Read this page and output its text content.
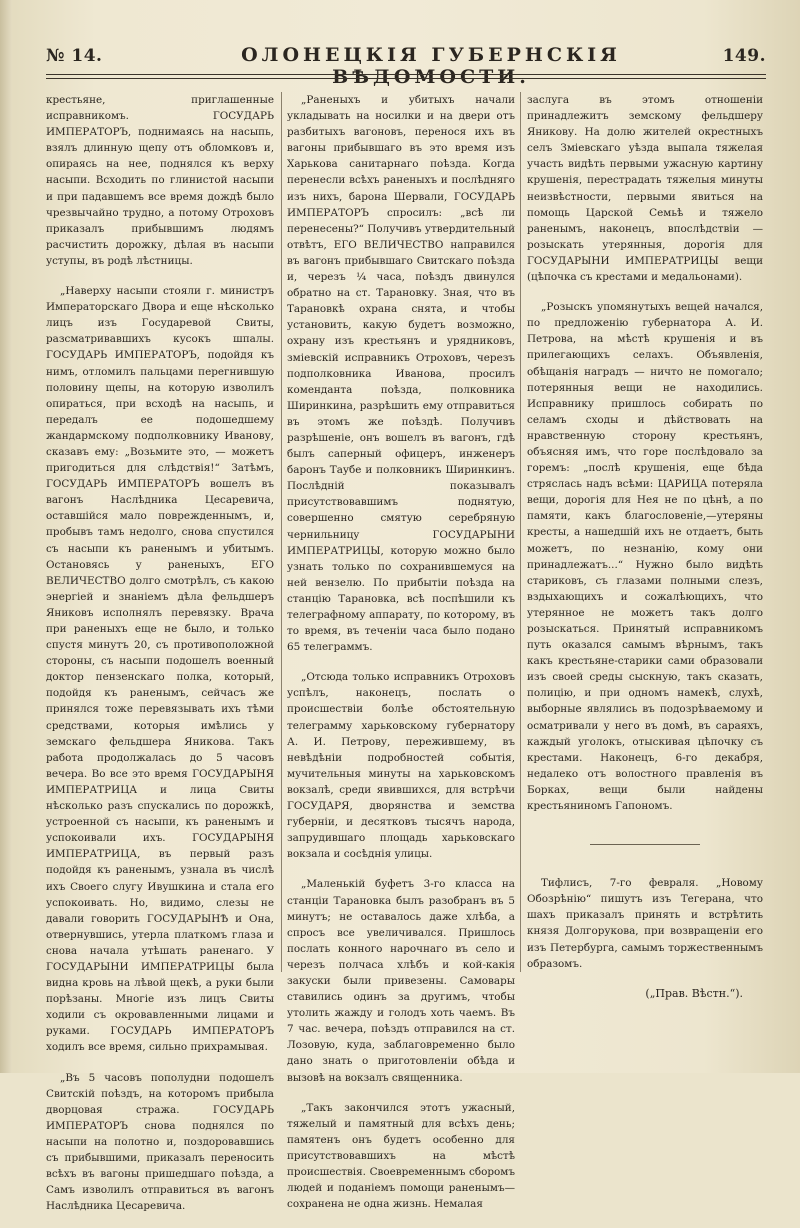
№ 14.	ОЛОНЕЦКІЯ ГУБЕРНСКІЯ ВѢДОМОСТИ.
149.

крестьяне, приглашенные исправникомъ. ГОСУДАРЬ ИМПЕРАТОРЪ, поднимаясь на насыпь, взялъ длинную щепу отъ обломковъ и, опираясь на нее, поднялся къ верху насыпи. Всходить по глинистой насыпи и при падавшемъ все время дождѣ было чрезвычайно трудно, а потому Отроховъ приказалъ прибывшимъ людямъ расчистить дорожку, дѣлая въ насыпи уступы, въ родѣ лѣстницы.

„Наверху насыпи стояли г. министръ Императорскаго Двора и еще нѣсколько лицъ изъ Государевой Свиты, разсматривавшихъ кусокъ шпалы. ГОСУДАРЬ ИМПЕРАТОРЪ, подойдя къ нимъ, отломилъ пальцами перегнившую половину щепы, на которую изволилъ опираться, при всходѣ на насыпь, и передалъ ее подошедшему жандармскому подполковнику Иванову, сказавъ ему: „Возьмите это, — можетъ пригодиться для слѣдствія!“ Затѣмъ, ГОСУДАРЬ ИМПЕРАТОРЪ вошелъ въ вагонъ Наслѣдника Цесаревича, оставшійся мало поврежденнымъ, и, пробывъ тамъ недолго, снова спустился съ насыпи къ раненымъ и убитымъ. Остановясь у раненыхъ, ЕГО ВЕЛИЧЕСТВО долго смотрѣлъ, съ какою энергіей и знаніемъ дѣла фельдшеръ Яниковъ исполнялъ перевязку. Врача при раненыхъ еще не было, и только спустя минутъ 20, съ противоположной стороны, съ насыпи подошелъ военный доктор пензенскаго полка, который, подойдя къ раненымъ, сейчасъ же принялся тоже перевязывать ихъ тѣми средствами, которыя имѣлись у земскаго фельдшера Яникова. Такъ работа продолжалась до 5 часовъ вечера. Во все это время ГОСУДАРЫНЯ ИМПЕРАТРИЦА и лица Свиты нѣсколько разъ спускались по дорожкѣ, устроенной съ насыпи, къ раненымъ и успокоивали ихъ. ГОСУДАРЫНЯ ИМПЕРАТРИЦА, въ первый разъ подойдя къ раненымъ, узнала въ числѣ ихъ Своего слугу Ивушкина и стала его успокоивать. Но, видимо, слезы не давали говорить ГОСУДАРЫНѢ и Она, отвернувшись, утерла платкомъ глаза и снова начала утѣшать раненаго. У ГОСУДАРЫНИ ИМПЕРАТРИЦЫ была видна кровь на лѣвой щекѣ, а руки были порѣзаны. Многіе изъ лицъ Свиты ходили съ окровавленными лицами и руками. ГОСУДАРЬ ИМПЕРАТОРЪ ходилъ все время, сильно прихрамывая.

„Въ 5 часовъ пополудни подошелъ Свитскій поѣздъ, на которомъ прибыла дворцовая стража. ГОСУДАРЬ ИМПЕРАТОРЪ снова поднялся по насыпи на полотно и, поздоровавшись съ прибывшими, приказалъ переносить всѣхъ въ вагоны пришедшаго поѣзда, а Самъ изволилъ отправиться въ вагонъ Наслѣдника Цесаревича.

„Раненыхъ и убитыхъ начали укладывать на носилки и на двери отъ разбитыхъ вагоновъ, перенося ихъ въ вагоны прибывшаго въ это время изъ Харькова санитарнаго поѣзда. Когда перенесли всѣхъ раненыхъ и послѣдняго изъ нихъ, барона Шервали, ГОСУДАРЬ ИМПЕРАТОРЪ спросилъ: „всѣ ли перенесены?“ Получивъ утвердительный отвѣтъ, ЕГО ВЕЛИЧЕСТВО направился въ вагонъ прибывшаго Свитскаго поѣзда и, черезъ ¼ часа, поѣздъ двинулся обратно на ст. Тарановку. Зная, что въ Тарановкѣ охрана снята, и чтобы установить, какую будетъ возможно, охрану изъ крестьянъ и урядниковъ, зміевскій исправникъ Отроховъ, черезъ подполковника Иванова, просилъ коменданта поѣзда, полковника Ширинкина, разрѣшить ему отправиться въ этомъ же поѣздѣ. Получивъ разрѣшеніе, онъ вошелъ въ вагонъ, гдѣ былъ саперный офицеръ, инженеръ баронъ Таубе и полковникъ Ширинкинъ. Послѣдній показывалъ присутствовавшимъ поднятую, совершенно смятую серебряную чернильницу ГОСУДАРЫНИ ИМПЕРАТРИЦЫ, которую можно было узнать только по сохранившемуся на ней вензелю. По прибытіи поѣзда на станцію Тарановка, всѣ поспѣшили къ телеграфному аппарату, по которому, въ то время, въ теченіи часа было подано 65 телеграммъ.

„Отсюда только исправникъ Отроховъ успѣлъ, наконецъ, послать о происшествіи болѣе обстоятельную телеграмму харьковскому губернатору А. И. Петрову, пережившему, въ невѣдѣніи подробностей событія, мучительныя минуты на харьковскомъ вокзалѣ, среди явившихся, для встрѣчи ГОСУДАРЯ, дворянства и земства губерніи, и десятковъ тысячъ народа, запрудившаго площадь харьковскаго вокзала и сосѣднія улицы.

„Маленькій буфетъ 3-го класса на станціи Тарановка былъ разобранъ въ 5 минутъ; не оставалось даже хлѣба, а спросъ все увеличивался. Пришлось послать конного нарочнаго въ село и черезъ полчаса хлѣбъ и кой-какія закуски были привезены. Самовары ставились одинъ за другимъ, чтобы утолить жажду и голодъ хоть чаемъ. Въ 7 час. вечера, поѣздъ отправился на ст. Лозовую, куда, заблаговременно было дано знать о приготовленіи обѣда и вызовѣ на вокзалъ священника.

„Такъ закончился этотъ ужасный, тяжелый и памятный для всѣхъ день; памятенъ онъ будетъ особенно для присутствовавшихъ на мѣстѣ происшествія. Своевременнымъ сборомъ людей и поданіемъ помощи раненымъ—сохранена не одна жизнь. Немалая

заслуга въ этомъ отношеніи принадлежитъ земскому фельдшеру Яникову. На долю жителей окрестныхъ селъ Зміевскаго уѣзда выпала тяжелая участь видѣть первыми ужасную картину крушенія, перестрадать тяжелыя минуты неизвѣстности, первыми явиться на помощь Царской Семьѣ и тяжело раненымъ, наконецъ, впослѣдствіи — розыскать утерянныя, дорогія для ГОСУДАРЫНИ ИМПЕРАТРИЦЫ вещи (цѣпочка съ крестами и медальонами).

„Розыскъ упомянутыхъ вещей начался, по предложенію губернатора А. И. Петрова, на мѣстѣ крушенія и въ прилегающихъ селахъ. Объявленія, обѣщанія наградъ — ничто не помогало; потерянныя вещи не находились. Исправнику пришлось собирать по селамъ сходы и дѣйствовать на нравственную сторону крестьянъ, объясняя имъ, что горе послѣдовало за горемъ: „послѣ крушенія, еще бѣда стряслась надъ всѣми: ЦАРИЦА потеряла вещи, дорогія для Нея не по цѣнѣ, а по памяти, какъ благословеніе,—утеряны кресты, а нашедшій ихъ не отдаетъ, быть можетъ, по незнанію, кому они принадлежатъ...“ Нужно было видѣть стариковъ, съ глазами полными слезъ, вздыхающихъ и сожалѣющихъ, что утерянное не можетъ такъ долго розыскаться. Принятый исправникомъ путь оказался самымъ вѣрнымъ, такъ какъ крестьяне-старики сами образовали изъ своей среды сыскную, такъ сказать, полицію, и при одномъ намекѣ, слухѣ, выборные являлись въ подозрѣваемому и осматривали у него въ домѣ, въ сараяхъ, каждый уголокъ, отыскивая цѣпочку съ крестами. Наконецъ, 6-го декабря, недалеко отъ волостного правленія въ Борках, вещи были найдены крестьяниномъ Гапономъ.

Тифлисъ, 7-го февраля. „Новому Обозрѣнію“ пишутъ изъ Тегерана, что шахъ приказалъ принять и встрѣтить князя Долгорукова, при возвращеніи его изъ Петербурга, самымъ торжественнымъ образомъ.

(„Прав. Вѣстн.“).
